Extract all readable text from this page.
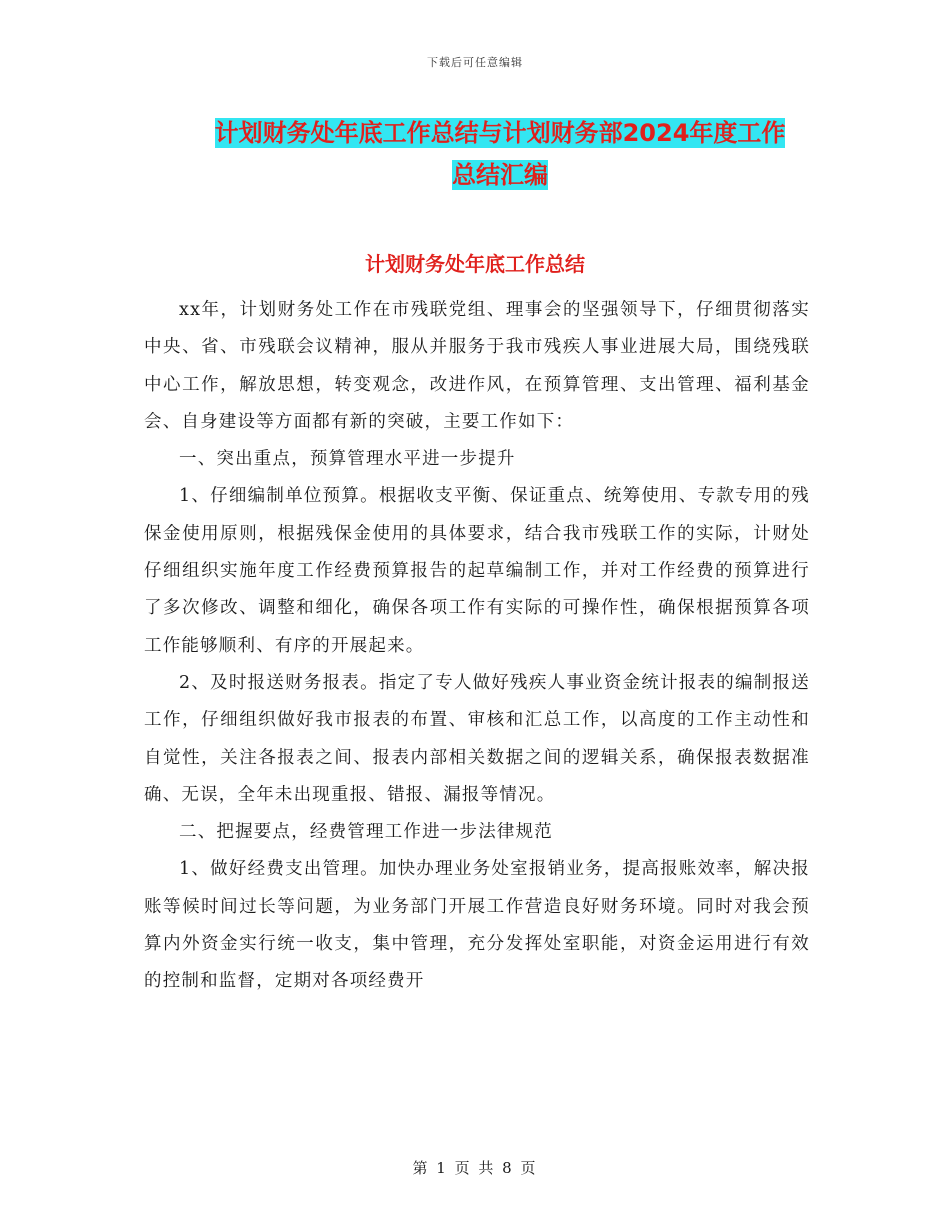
下载后可任意编辑
计划财务处年底工作总结与计划财务部2024年度工作
总结汇编
计划财务处年底工作总结

xx年，计划财务处工作在市残联党组、理事会的坚强领导下，仔细贯彻落实中央、省、市残联会议精神，服从并服务于我市残疾人事业进展大局，围绕残联中心工作，解放思想，转变观念，改进作风，在预算管理、支出管理、福利基金会、自身建设等方面都有新的突破，主要工作如下：

一、突出重点，预算管理水平进一步提升

1、仔细编制单位预算。根据收支平衡、保证重点、统筹使用、专款专用的残保金使用原则，根据残保金使用的具体要求，结合我市残联工作的实际，计财处仔细组织实施年度工作经费预算报告的起草编制工作，并对工作经费的预算进行了多次修改、调整和细化，确保各项工作有实际的可操作性，确保根据预算各项工作能够顺利、有序的开展起来。

2、及时报送财务报表。指定了专人做好残疾人事业资金统计报表的编制报送工作，仔细组织做好我市报表的布置、审核和汇总工作，以高度的工作主动性和自觉性，关注各报表之间、报表内部相关数据之间的逻辑关系，确保报表数据准确、无误，全年未出现重报、错报、漏报等情况。

二、把握要点，经费管理工作进一步法律规范

1、做好经费支出管理。加快办理业务处室报销业务，提高报账效率，解决报账等候时间过长等问题，为业务部门开展工作营造良好财务环境。同时对我会预算内外资金实行统一收支，集中管理，充分发挥处室职能，对资金运用进行有效的控制和监督，定期对各项经费开

第 1 页 共 8 页
